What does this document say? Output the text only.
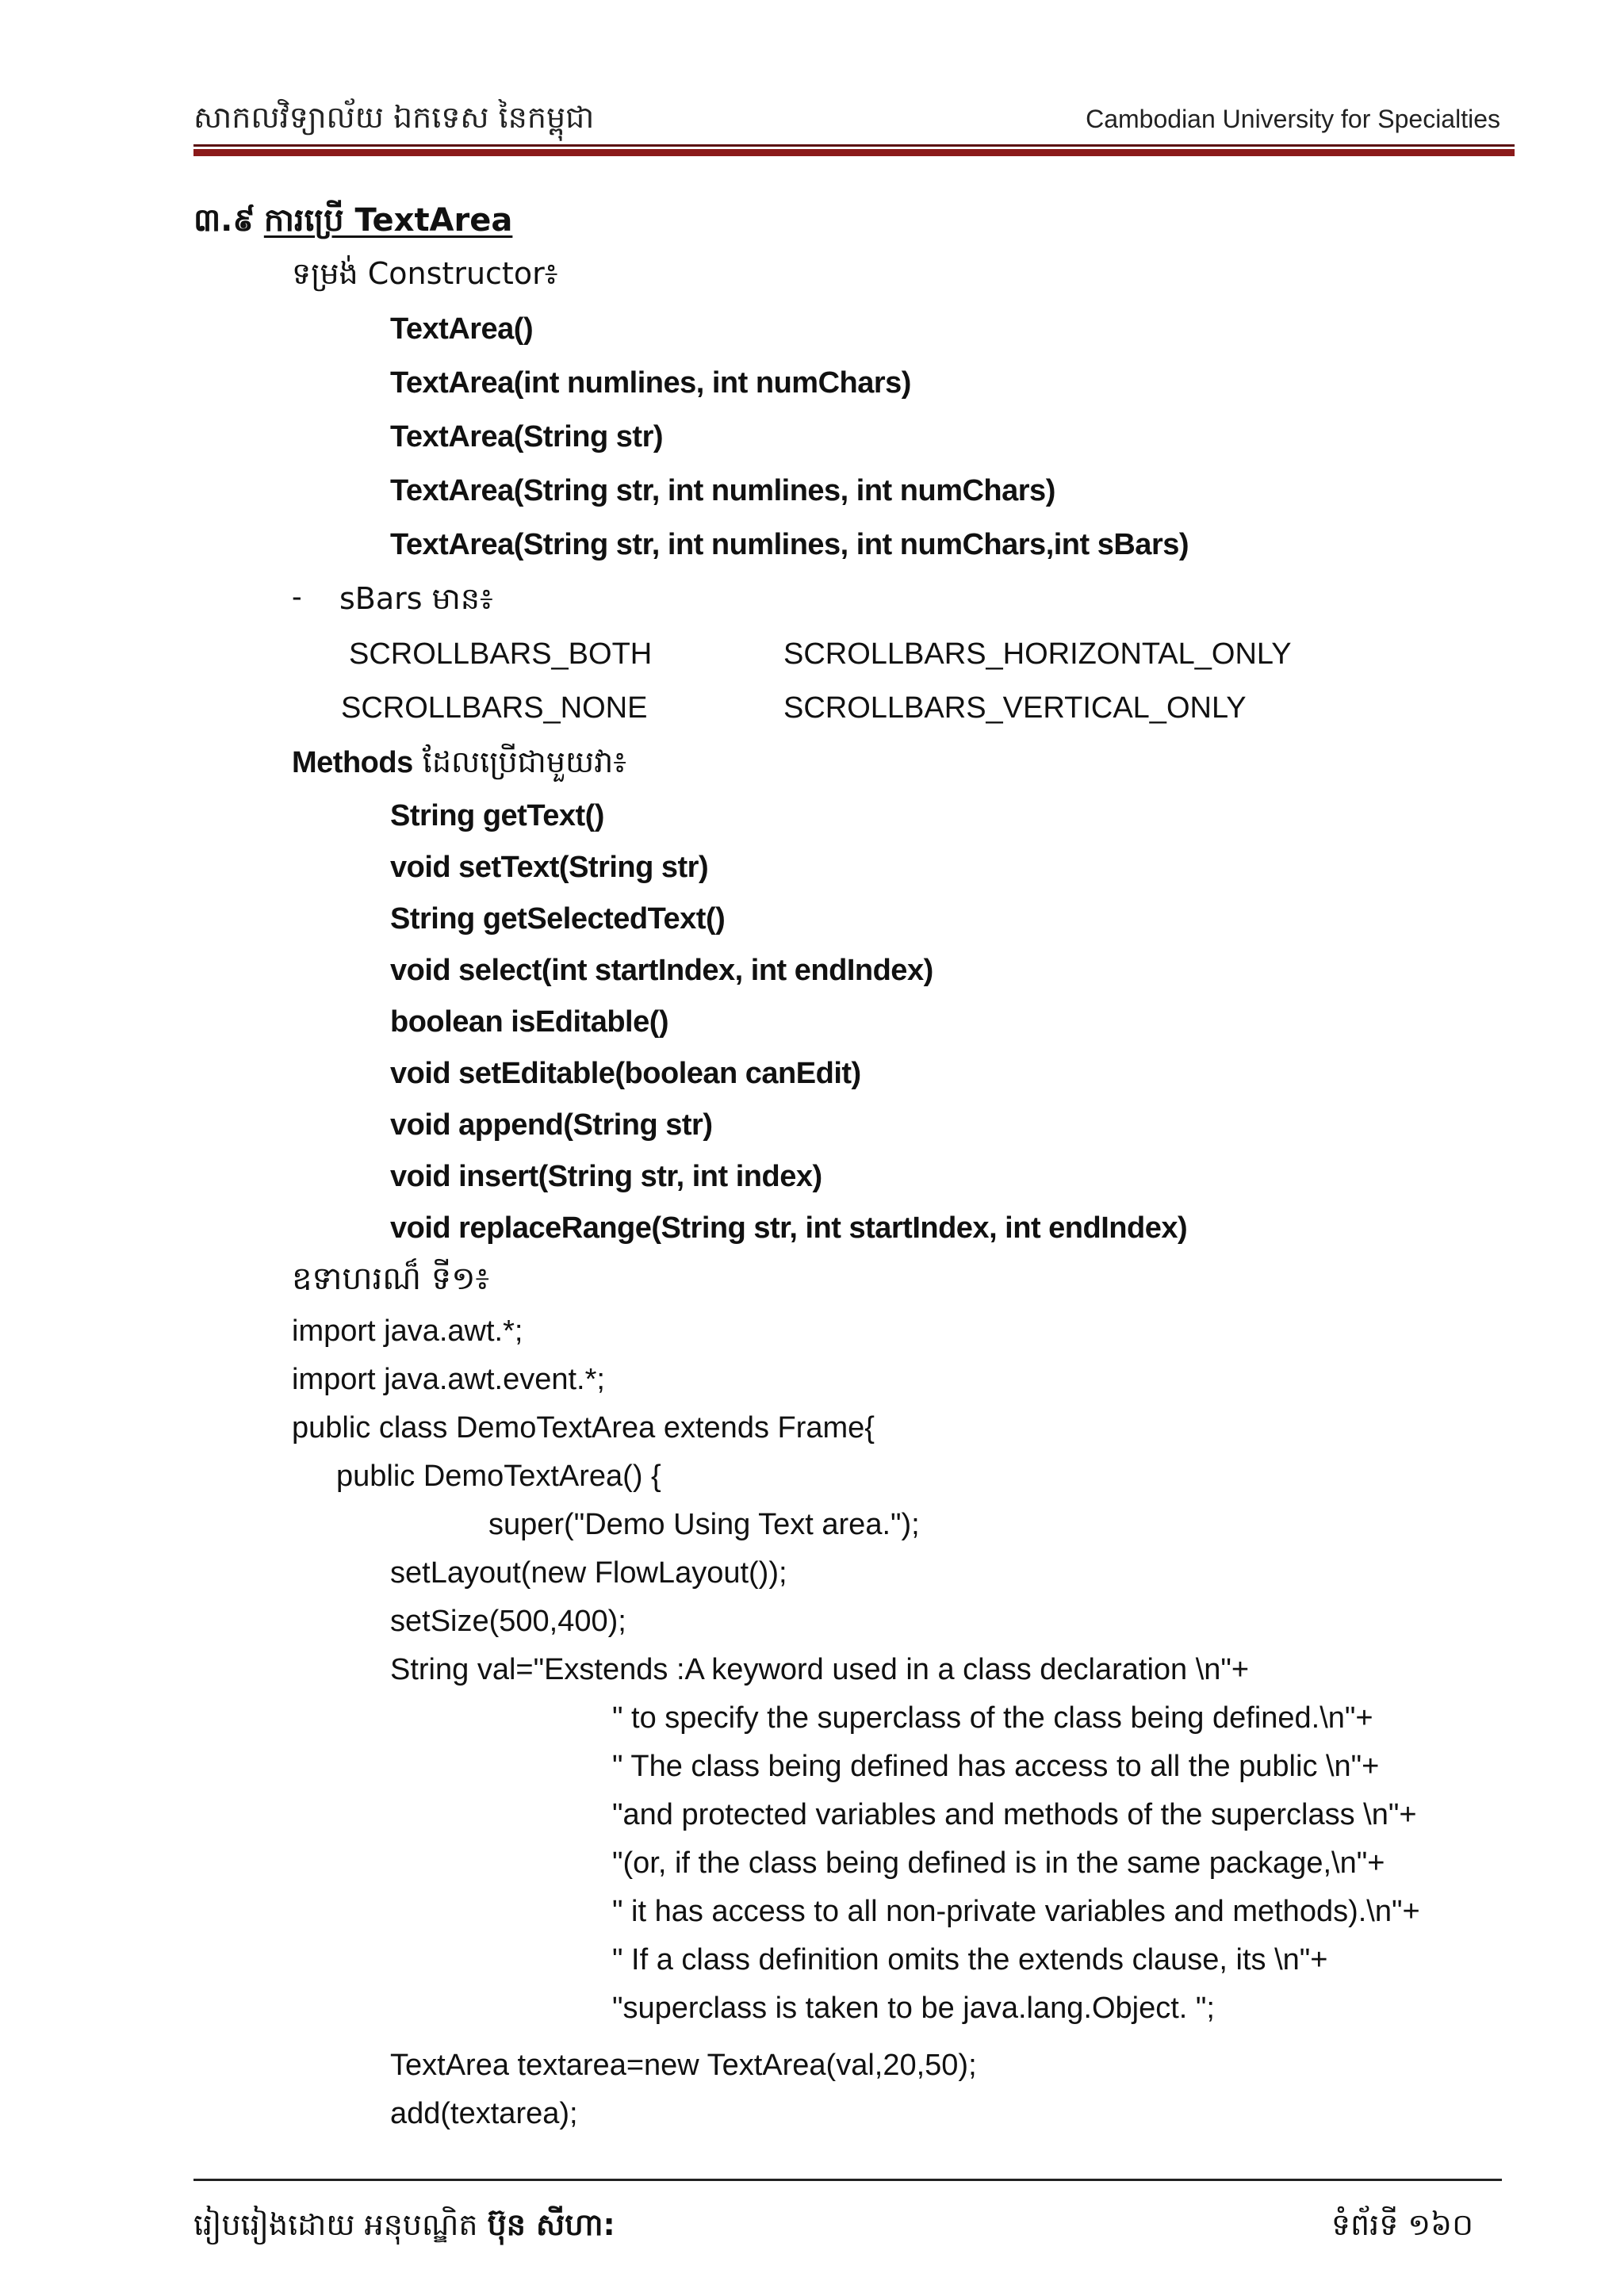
សាកលវិទ្យាល័យ ឯកទេស នៃកម្ពុជា	Cambodian University for Specialties
៣.៩ ការប្រើ TextArea
ទម្រង់ Constructor៖
TextArea()
TextArea(int numlines, int numChars)
TextArea(String str)
TextArea(String str, int numlines, int numChars)
TextArea(String str, int numlines, int numChars,int sBars)
- sBars មាន៖
SCROLLBARS_BOTH	SCROLLBARS_HORIZONTAL_ONLY
SCROLLBARS_NONE	SCROLLBARS_VERTICAL_ONLY
Methods ដែលប្រើជាមួយវា៖
String getText()
void setText(String str)
String getSelectedText()
void select(int startIndex, int endIndex)
boolean isEditable()
void setEditable(boolean canEdit)
void append(String str)
void insert(String str, int index)
void replaceRange(String str, int startIndex, int endIndex)
ឧទាហរណ៏ ទី១៖
import java.awt.*;
import java.awt.event.*;
public class DemoTextArea extends Frame{
public DemoTextArea() {
super("Demo Using Text area.");
setLayout(new FlowLayout());
setSize(500,400);
String val="Exstends :A keyword used in a class declaration \n"+
" to specify the superclass of the class being defined.\n"+
" The class being defined has access to all the public \n"+
"and protected variables and methods of the superclass \n"+
"(or, if the class being defined is in the same package,\n"+
" it has access to all non-private variables and methods).\n"+
" If a class definition omits the extends clause, its \n"+
"superclass is taken to be java.lang.Object. ";
TextArea textarea=new TextArea(val,20,50);
add(textarea);
រៀបរៀងដោយ អនុបណ្ឌិត ប៊ុន សីហា:	ទំព័រទី ១៦០
